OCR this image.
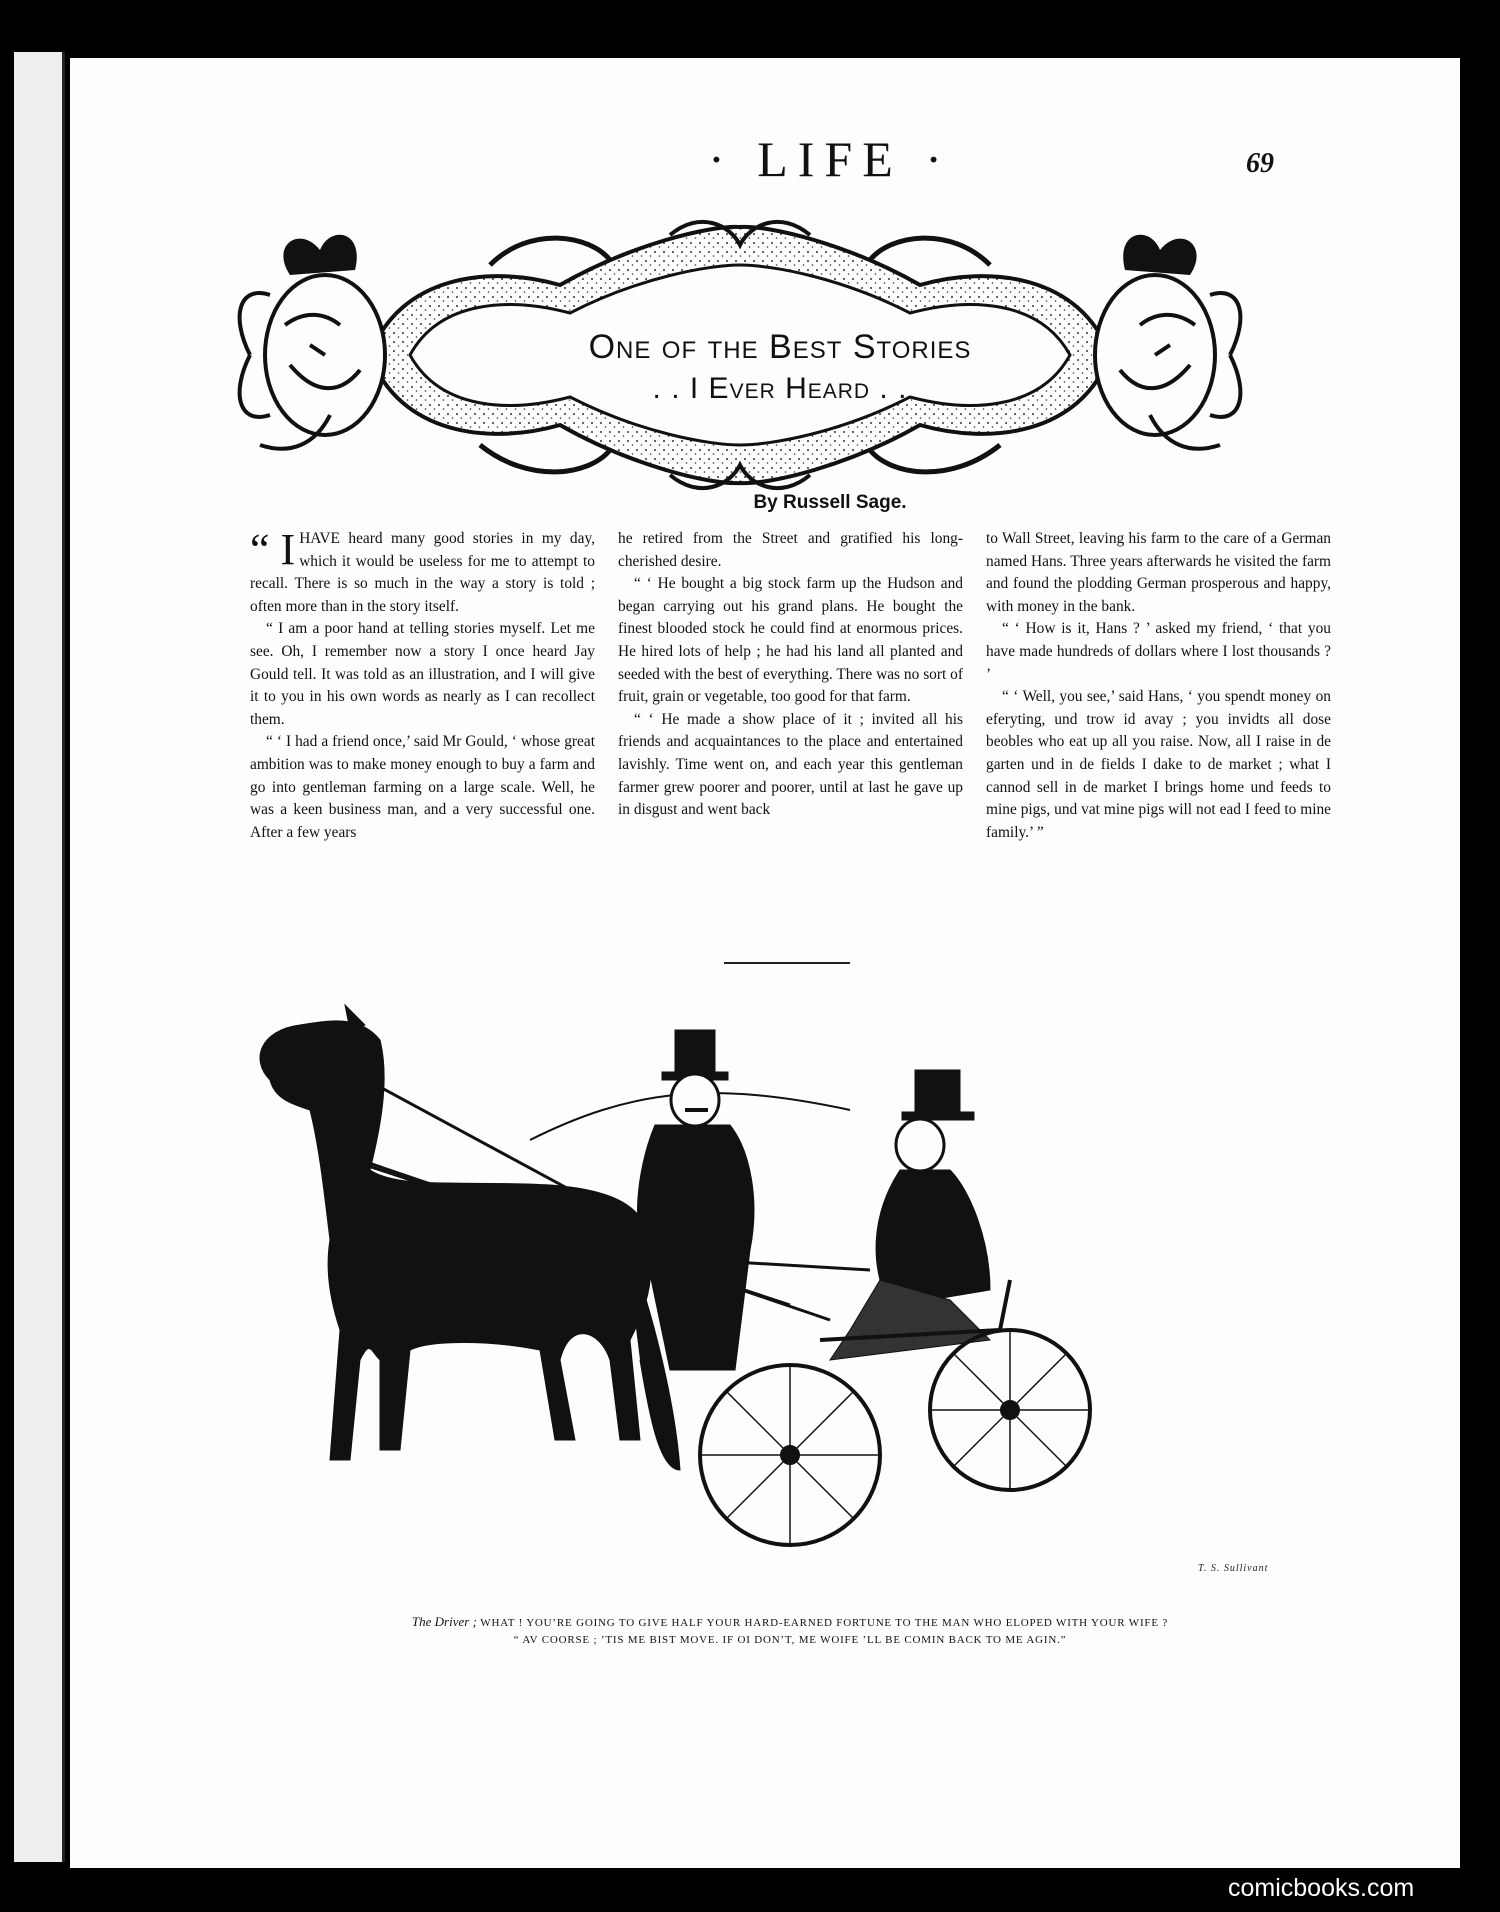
· LIFE ·	69
One of the Best Stories
. . I Ever Heard . .
By Russell Sage.

“ I HAVE heard many good stories in my day, which it would be useless for me to attempt to recall. There is so much in the way a story is told ; often more than in the story itself.

“ I am a poor hand at telling stories myself. Let me see. Oh, I remember now a story I once heard Jay Gould tell. It was told as an illustration, and I will give it to you in his own words as nearly as I can recollect them.

“ ‘ I had a friend once,’ said Mr Gould, ‘ whose great ambition was to make money enough to buy a farm and go into gentleman farming on a large scale. Well, he was a keen business man, and a very successful one. After a few years

he retired from the Street and gratified his long-cherished desire.

“ ‘ He bought a big stock farm up the Hudson and began carrying out his grand plans. He bought the finest blooded stock he could find at enormous prices. He hired lots of help ; he had his land all planted and seeded with the best of everything. There was no sort of fruit, grain or vegetable, too good for that farm.

“ ‘ He made a show place of it ; invited all his friends and acquaintances to the place and entertained lavishly. Time went on, and each year this gentleman farmer grew poorer and poorer, until at last he gave up in disgust and went back

to Wall Street, leaving his farm to the care of a German named Hans. Three years afterwards he visited the farm and found the plodding German prosperous and happy, with money in the bank.

“ ‘ How is it, Hans ? ’ asked my friend, ‘ that you have made hundreds of dollars where I lost thousands ? ’

“ ‘ Well, you see,’ said Hans, ‘ you spendt money on eferyting, und trow id avay ; you invidts all dose beobles who eat up all you raise. Now, all I raise in de garten und in de fields I dake to de market ; what I cannod sell in de market I brings home und feeds to mine pigs, und vat mine pigs will not ead I feed to mine family.’ ”

T. S. Sullivant
The Driver ; WHAT ! YOU’RE GOING TO GIVE HALF YOUR HARD-EARNED FORTUNE TO THE MAN WHO ELOPED WITH YOUR WIFE ?
“ AV COORSE ; ’TIS ME BIST MOVE. IF OI DON’T, ME WOIFE ’LL BE COMIN BACK TO ME AGIN.”
comicbooks.com
